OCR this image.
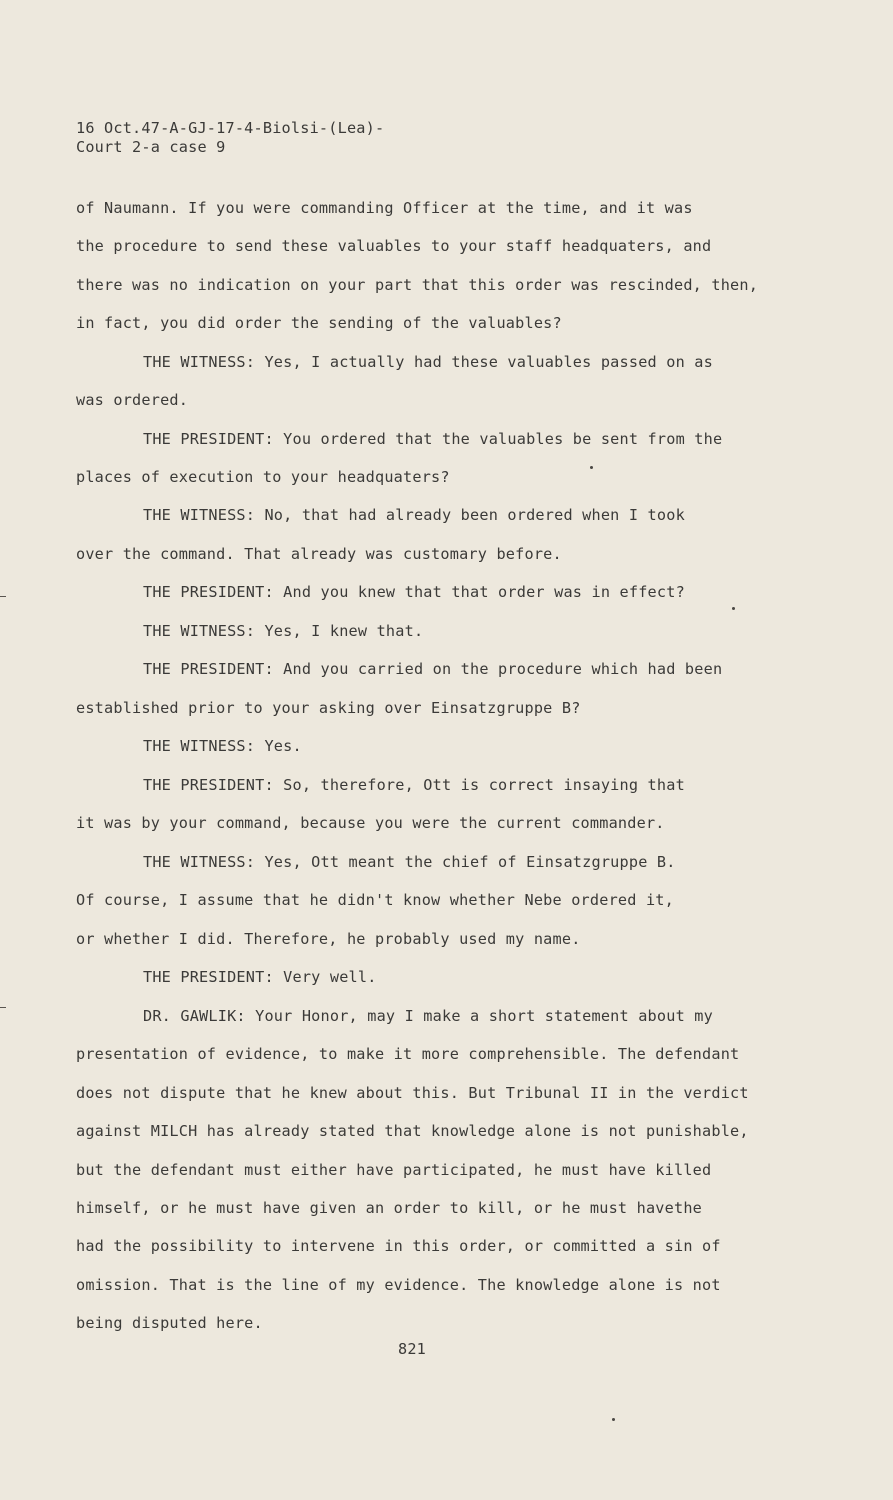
16 Oct.47-A-GJ-17-4-Biolsi-(Lea)-
Court 2-a case 9
of Naumann. If you were commanding Officer at the time, and it was
the procedure to send these valuables to your staff headquaters, and
there was no indication on your part that this order was rescinded, then,
in fact, you did order the sending of the valuables?
THE WITNESS: Yes, I actually had these valuables passed on as
was ordered.
THE PRESIDENT: You ordered that the valuables be sent from the
places of execution to your headquaters?
THE WITNESS: No, that had already been ordered when I took
over the command. That already was customary before.
THE PRESIDENT: And you knew that that order was in effect?
THE WITNESS: Yes, I knew that.
THE PRESIDENT: And you carried on the procedure which had been
established prior to your asking over Einsatzgruppe B?
THE WITNESS: Yes.
THE PRESIDENT: So, therefore, Ott is correct insaying that
it was by your command, because you were the current commander.
THE WITNESS: Yes, Ott meant the chief of Einsatzgruppe B.
Of course, I assume that he didn't know whether Nebe ordered it,
or whether I did. Therefore, he probably used my name.
THE PRESIDENT: Very well.
DR. GAWLIK: Your Honor, may I make a short statement about my
presentation of evidence, to make it more comprehensible. The defendant
does not dispute that he knew about this. But Tribunal II in the verdict
against MILCH has already stated that knowledge alone is not punishable,
but the defendant must either have participated, he must have killed
himself, or he must have given an order to kill, or he must havethe
had the possibility to intervene in this order, or committed a sin of
omission. That is the line of my evidence. The knowledge alone is not
being disputed here.
821
